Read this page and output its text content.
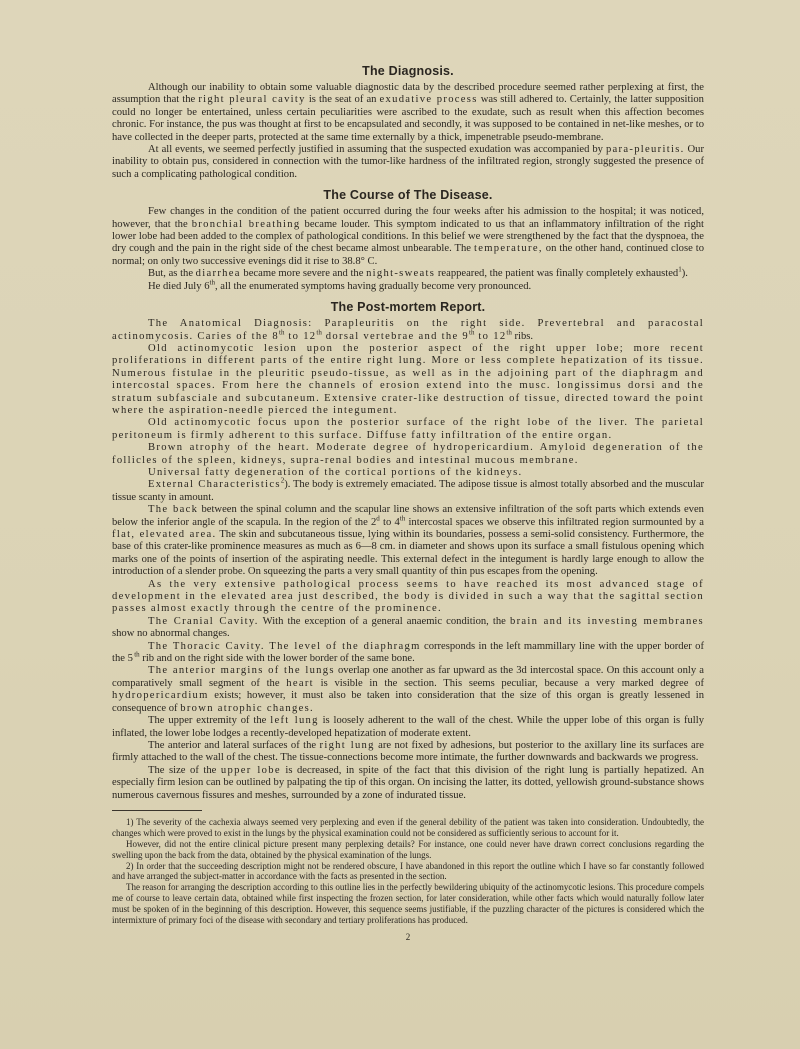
The Diagnosis.

Although our inability to obtain some valuable diagnostic data by the described procedure seemed rather perplexing at first, the assumption that the right pleural cavity is the seat of an exudative process was still adhered to. Certainly, the latter supposition could no longer be entertained, unless certain peculiarities were ascribed to the exudate, such as result when this affection becomes chronic. For instance, the pus was thought at first to be encapsulated and secondly, it was supposed to be contained in net-like meshes, or to have collected in the deeper parts, protected at the same time externally by a thick, impenetrable pseudo-membrane.

At all events, we seemed perfectly justified in assuming that the suspected exudation was accompanied by para-pleuritis. Our inability to obtain pus, considered in connection with the tumor-like hardness of the infiltrated region, strongly suggested the presence of such a complicating pathological condition.

The Course of The Disease.

Few changes in the condition of the patient occurred during the four weeks after his admission to the hospital; it was noticed, however, that the bronchial breathing became louder. This symptom indicated to us that an inflammatory infiltration of the right lower lobe had been added to the complex of pathological conditions. In this belief we were strengthened by the fact that the dyspnoea, the dry cough and the pain in the right side of the chest became almost unbearable. The temperature, on the other hand, continued close to normal; on only two successive evenings did it rise to 38.8° C.

But, as the diarrhea became more severe and the night-sweats reappeared, the patient was finally completely exhausted$^1$).

He died July 6th, all the enumerated symptoms having gradually become very pronounced.

The Post-mortem Report.

The Anatomical Diagnosis: Parapleuritis on the right side. Prevertebral and paracostal actinomycosis. Caries of the 8th to 12th dorsal vertebrae and the 9th to 12th ribs.

Old actinomycotic lesion upon the posterior aspect of the right upper lobe; more recent proliferations in different parts of the entire right lung. More or less complete hepatization of its tissue. Numerous fistulae in the pleuritic pseudo-tissue, as well as in the adjoining part of the diaphragm and intercostal spaces. From here the channels of erosion extend into the musc. longissimus dorsi and the stratum subfasciale and subcutaneum. Extensive crater-like destruction of tissue, directed toward the point where the aspiration-needle pierced the integument.

Old actinomycotic focus upon the posterior surface of the right lobe of the liver. The parietal peritoneum is firmly adherent to this surface. Diffuse fatty infiltration of the entire organ.

Brown atrophy of the heart. Moderate degree of hydropericardium. Amyloid degeneration of the follicles of the spleen, kidneys, supra-renal bodies and intestinal mucous membrane.

Universal fatty degeneration of the cortical portions of the kidneys.

External Characteristics$^2$). The body is extremely emaciated. The adipose tissue is almost totally absorbed and the muscular tissue scanty in amount.

The back between the spinal column and the scapular line shows an extensive infiltration of the soft parts which extends even below the inferior angle of the scapula. In the region of the 2$^d$ to 4th intercostal spaces we observe this infiltrated region surmounted by a flat, elevated area. The skin and subcutaneous tissue, lying within its boundaries, possess a semi-solid consistency. Furthermore, the base of this crater-like prominence measures as much as 6—8 cm. in diameter and shows upon its surface a small fistulous opening which marks one of the points of insertion of the aspirating needle. This external defect in the integument is hardly large enough to allow the introduction of a slender probe. On squeezing the parts a very small quantity of thin pus escapes from the opening.

As the very extensive pathological process seems to have reached its most advanced stage of development in the elevated area just described, the body is divided in such a way that the sagittal section passes almost exactly through the centre of the prominence.

The Cranial Cavity. With the exception of a general anaemic condition, the brain and its investing membranes show no abnormal changes.

The Thoracic Cavity. The level of the diaphragm corresponds in the left mammillary line with the upper border of the 5th rib and on the right side with the lower border of the same bone.

The anterior margins of the lungs overlap one another as far upward as the 3d intercostal space. On this account only a comparatively small segment of the heart is visible in the section. This seems peculiar, because a very marked degree of hydropericardium exists; however, it must also be taken into consideration that the size of this organ is greatly lessened in consequence of brown atrophic changes.

The upper extremity of the left lung is loosely adherent to the wall of the chest. While the upper lobe of this organ is fully inflated, the lower lobe lodges a recently-developed hepatization of moderate extent.

The anterior and lateral surfaces of the right lung are not fixed by adhesions, but posterior to the axillary line its surfaces are firmly attached to the wall of the chest. The tissue-connections become more intimate, the further downwards and backwards we progress.

The size of the upper lobe is decreased, in spite of the fact that this division of the right lung is partially hepatized. An especially firm lesion can be outlined by palpating the tip of this organ. On incising the latter, its dotted, yellowish ground-substance shows numerous cavernous fissures and meshes, surrounded by a zone of indurated tissue.

1) The severity of the cachexia always seemed very perplexing and even if the general debility of the patient was taken into consideration. Undoubtedly, the changes which were proved to exist in the lungs by the physical examination could not be considered as sufficiently serious to account for it.

However, did not the entire clinical picture present many perplexing details? For instance, one could never have drawn correct conclusions regarding the swelling upon the back from the data, obtained by the physical examination of the lungs.

2) In order that the succeeding description might not be rendered obscure, I have abandoned in this report the outline which I have so far constantly followed and have arranged the subject-matter in accordance with the facts as presented in the section.

The reason for arranging the description according to this outline lies in the perfectly bewildering ubiquity of the actinomycotic lesions. This procedure compels me of course to leave certain data, obtained while first inspecting the frozen section, for later consideration, while other facts which would naturally follow later must be spoken of in the beginning of this description. However, this sequence seems justifiable, if the puzzling character of the pictures is considered which the intermixture of primary foci of the disease with secondary and tertiary proliferations has produced.

2
